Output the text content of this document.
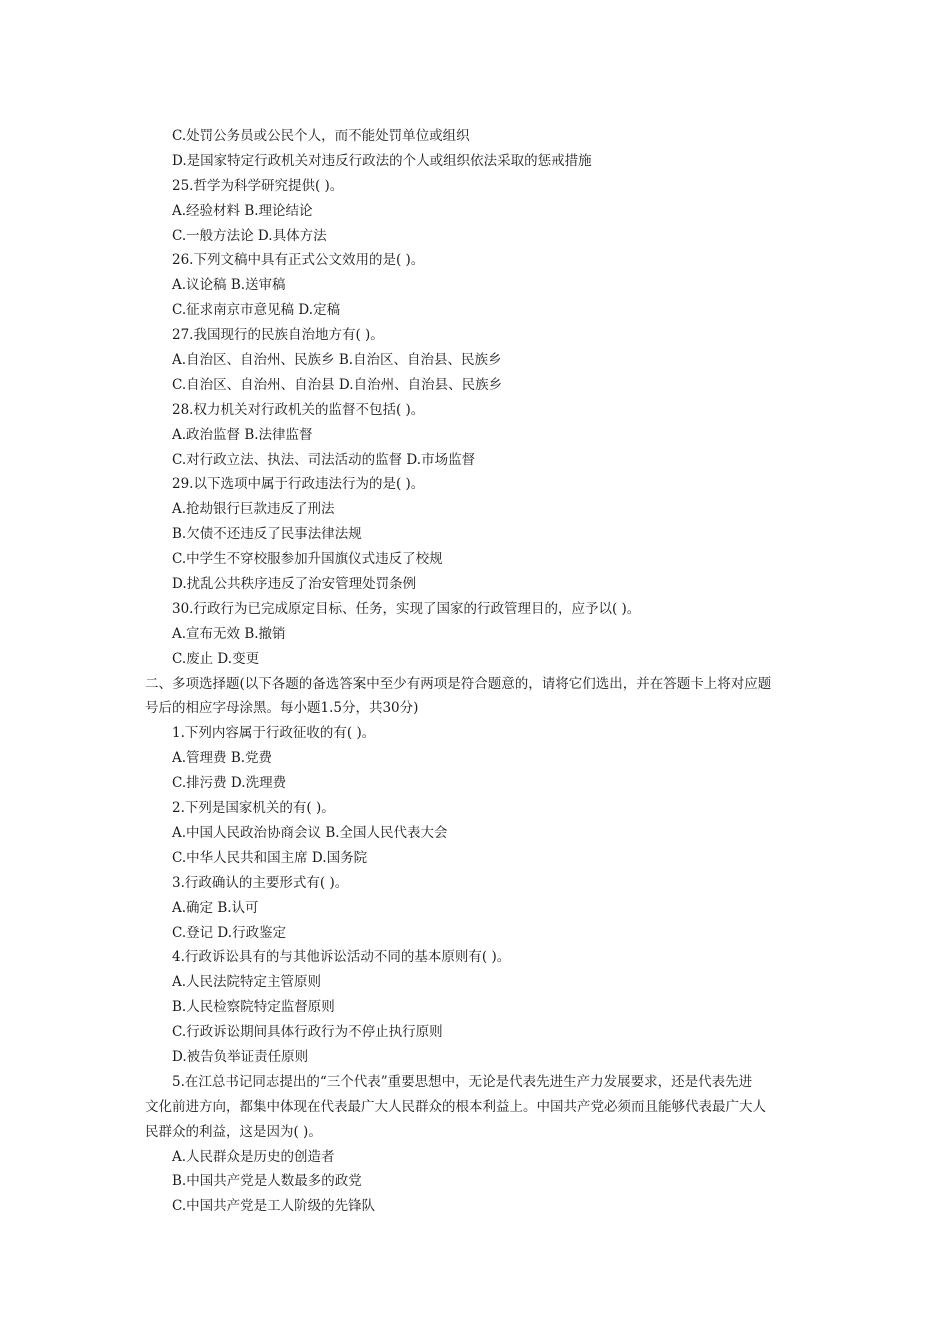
C.处罚公务员或公民个人，而不能处罚单位或组织
D.是国家特定行政机关对违反行政法的个人或组织依法采取的惩戒措施
25.哲学为科学研究提供( )。
A.经验材料 B.理论结论
C.一般方法论 D.具体方法
26.下列文稿中具有正式公文效用的是( )。
A.议论稿 B.送审稿
C.征求南京市意见稿 D.定稿
27.我国现行的民族自治地方有( )。
A.自治区、自治州、民族乡 B.自治区、自治县、民族乡
C.自治区、自治州、自治县 D.自治州、自治县、民族乡
28.权力机关对行政机关的监督不包括( )。
A.政治监督 B.法律监督
C.对行政立法、执法、司法活动的监督 D.市场监督
29.以下选项中属于行政违法行为的是( )。
A.抢劫银行巨款违反了刑法
B.欠债不还违反了民事法律法规
C.中学生不穿校服参加升国旗仪式违反了校规
D.扰乱公共秩序违反了治安管理处罚条例
30.行政行为已完成原定目标、任务，实现了国家的行政管理目的，应予以( )。
A.宣布无效 B.撤销
C.废止 D.变更
二、多项选择题(以下各题的备选答案中至少有两项是符合题意的，请将它们选出，并在答题卡上将对应题
号后的相应字母涂黑。每小题1.5分，共30分)
1.下列内容属于行政征收的有( )。
A.管理费 B.党费
C.排污费 D.洗理费
2.下列是国家机关的有( )。
A.中国人民政治协商会议 B.全国人民代表大会
C.中华人民共和国主席 D.国务院
3.行政确认的主要形式有( )。
A.确定 B.认可
C.登记 D.行政鉴定
4.行政诉讼具有的与其他诉讼活动不同的基本原则有( )。
A.人民法院特定主管原则
B.人民检察院特定监督原则
C.行政诉讼期间具体行政行为不停止执行原则
D.被告负举证责任原则
5.在江总书记同志提出的“三个代表”重要思想中，无论是代表先进生产力发展要求，还是代表先进
文化前进方向，都集中体现在代表最广大人民群众的根本利益上。中国共产党必须而且能够代表最广大人
民群众的利益，这是因为( )。
A.人民群众是历史的创造者
B.中国共产党是人数最多的政党
C.中国共产党是工人阶级的先锋队
